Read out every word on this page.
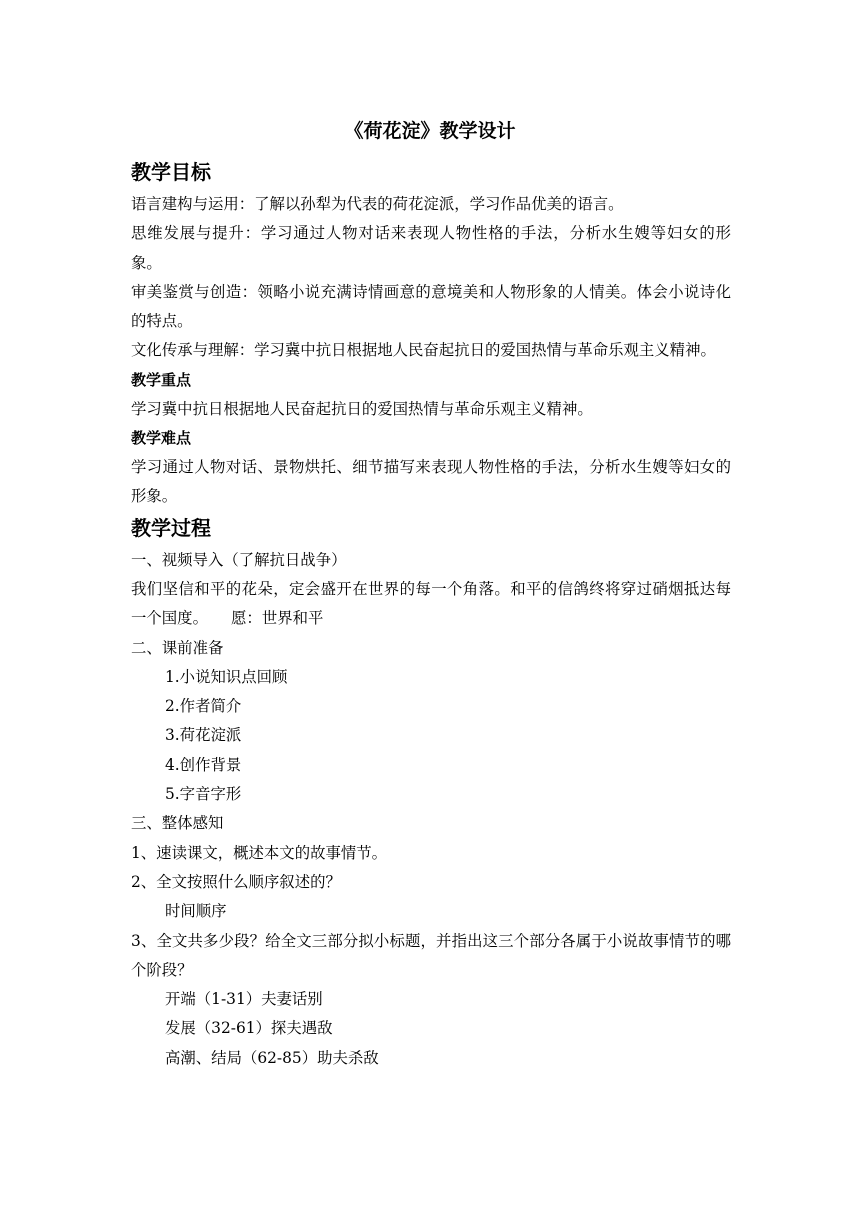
《荷花淀》教学设计
教学目标

语言建构与运用：了解以孙犁为代表的荷花淀派，学习作品优美的语言。

思维发展与提升：学习通过人物对话来表现人物性格的手法，分析水生嫂等妇女的形象。

审美鉴赏与创造：领略小说充满诗情画意的意境美和人物形象的人情美。体会小说诗化的特点。

文化传承与理解：学习冀中抗日根据地人民奋起抗日的爱国热情与革命乐观主义精神。

教学重点

学习冀中抗日根据地人民奋起抗日的爱国热情与革命乐观主义精神。

教学难点

学习通过人物对话、景物烘托、细节描写来表现人物性格的手法，分析水生嫂等妇女的形象。

教学过程

一、视频导入（了解抗日战争）

我们坚信和平的花朵，定会盛开在世界的每一个角落。和平的信鸽终将穿过硝烟抵达每一个国度。　　愿：世界和平

二、课前准备

1.小说知识点回顾

2.作者简介

3.荷花淀派

4.创作背景

5.字音字形

三、整体感知

1、速读课文，概述本文的故事情节。

2、全文按照什么顺序叙述的？

时间顺序

3、全文共多少段？给全文三部分拟小标题，并指出这三个部分各属于小说故事情节的哪个阶段？

开端（1-31）夫妻话别

发展（32-61）探夫遇敌

高潮、结局（62-85）助夫杀敌
